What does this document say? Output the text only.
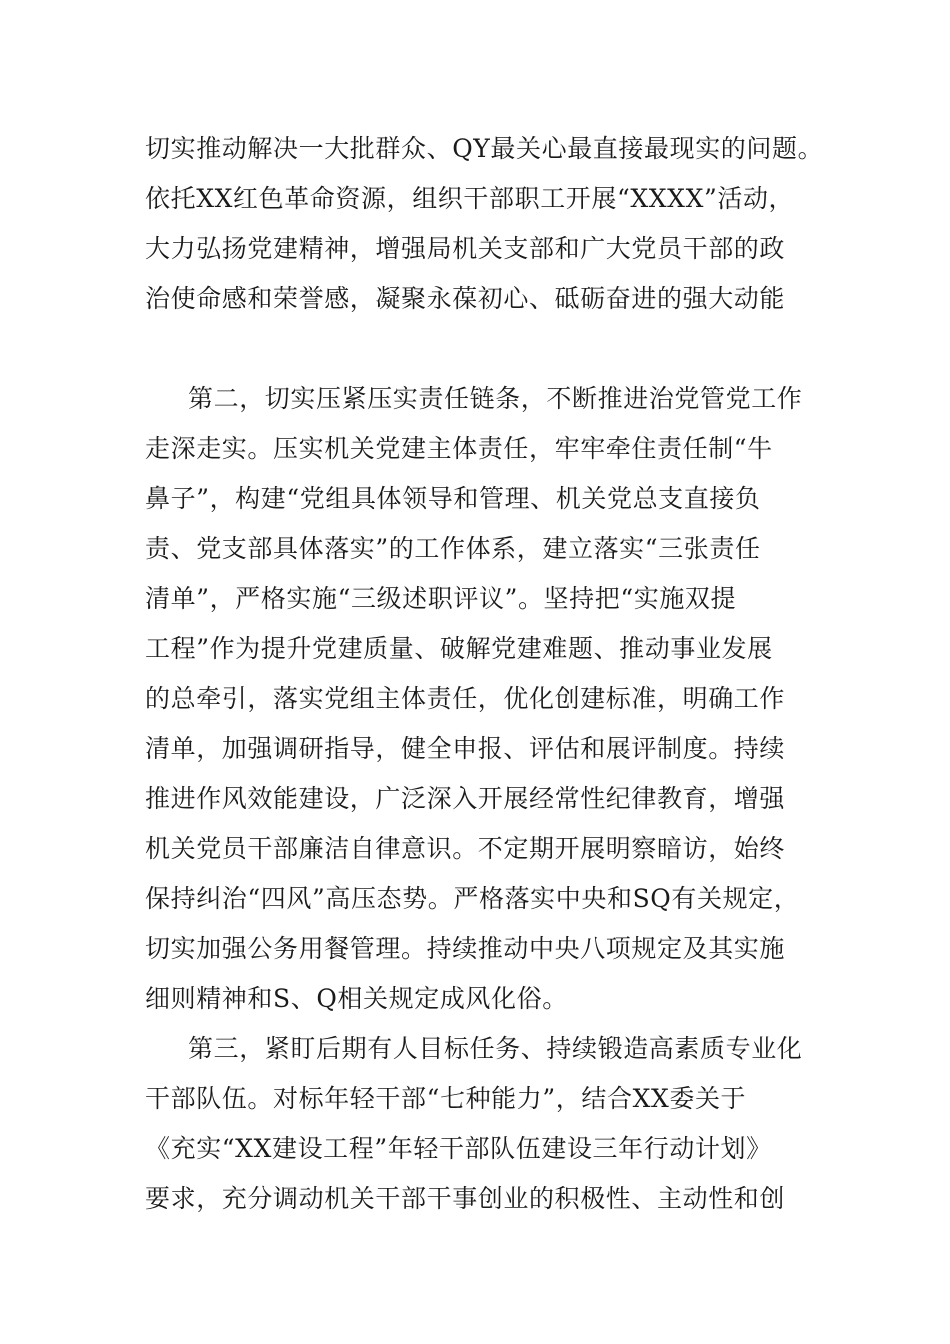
切实推动解决一大批群众、QY最关心最直接最现实的问题。
依托XX红色革命资源，组织干部职工开展“XXXX”活动，
大力弘扬党建精神，增强局机关支部和广大党员干部的政
治使命感和荣誉感，凝聚永葆初心、砥砺奋进的强大动能
第二，切实压紧压实责任链条，不断推进治党管党工作
走深走实。压实机关党建主体责任，牢牢牵住责任制“牛
鼻子”，构建“党组具体领导和管理、机关党总支直接负
责、党支部具体落实”的工作体系，建立落实“三张责任
清单”，严格实施“三级述职评议”。坚持把“实施双提
工程”作为提升党建质量、破解党建难题、推动事业发展
的总牵引，落实党组主体责任，优化创建标准，明确工作
清单，加强调研指导，健全申报、评估和展评制度。持续
推进作风效能建设，广泛深入开展经常性纪律教育，增强
机关党员干部廉洁自律意识。不定期开展明察暗访，始终
保持纠治“四风”高压态势。严格落实中央和SQ有关规定，
切实加强公务用餐管理。持续推动中央八项规定及其实施
细则精神和S、Q相关规定成风化俗。
第三，紧盯后期有人目标任务、持续锻造高素质专业化
干部队伍。对标年轻干部“七种能力”，结合XX委关于
《充实“XX建设工程”年轻干部队伍建设三年行动计划》
要求，充分调动机关干部干事创业的积极性、主动性和创
